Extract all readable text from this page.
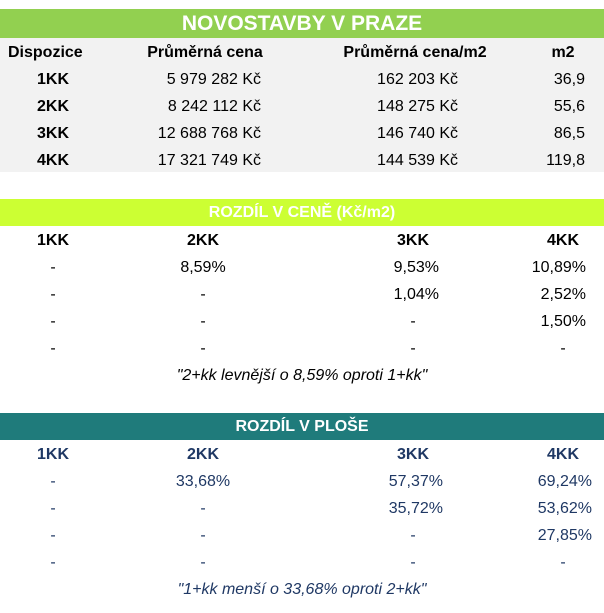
NOVOSTAVBY V PRAZE
Dispozice	Průměrná cena	Průměrná cena/m2	m2
1KK	5 979 282 Kč	162 203 Kč	36,9
2KK	8 242 112 Kč	148 275 Kč	55,6
3KK	12 688 768 Kč	146 740 Kč	86,5
4KK	17 321 749 Kč	144 539 Kč	119,8
ROZDÍL V CENĚ (Kč/m2)
1KK	2KK	3KK	4KK
-	8,59%	9,53%	10,89%
-	-	1,04%	2,52%
-	-	-	1,50%
-	-	-	-
"2+kk levnější o 8,59% oproti 1+kk"
ROZDÍL V PLOŠE
1KK	2KK	3KK	4KK
-	33,68%	57,37%	69,24%
-	-	35,72%	53,62%
-	-	-	27,85%
-	-	-	-
"1+kk menší o 33,68% oproti 2+kk"
